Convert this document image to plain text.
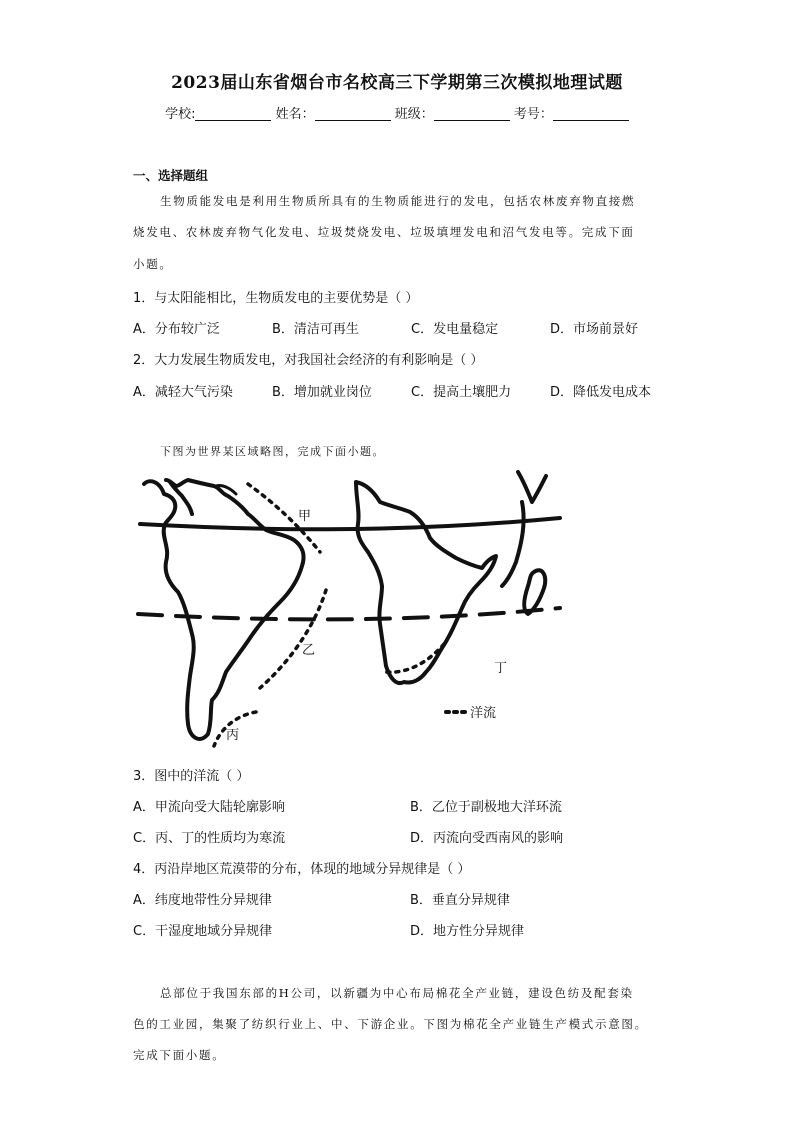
2023届山东省烟台市名校高三下学期第三次模拟地理试题
学校:	姓名：	班级：	考号：
一、选择题组
生物质能发电是利用生物质所具有的生物质能进行的发电，包括农林废弃物直接燃
烧发电、农林废弃物气化发电、垃圾焚烧发电、垃圾填埋发电和沼气发电等。完成下面
小题。
1．与太阳能相比，生物质发电的主要优势是（ ）
A．分布较广泛	B．清洁可再生	C．发电量稳定	D．市场前景好
2．大力发展生物质发电，对我国社会经济的有利影响是（ ）
A．减轻大气污染	B．增加就业岗位	C．提高土壤肥力	D．降低发电成本
下图为世界某区域略图，完成下面小题。
甲
乙
丙
丁
洋流
3．图中的洋流（ ）
A．甲流向受大陆轮廓影响	B．乙位于副极地大洋环流
C．丙、丁的性质均为寒流	D．丙流向受西南风的影响
4．丙沿岸地区荒漠带的分布，体现的地域分异规律是（ ）
A．纬度地带性分异规律	B．垂直分异规律
C．干湿度地域分异规律	D．地方性分异规律
总部位于我国东部的H公司，以新疆为中心布局棉花全产业链，建设色纺及配套染
色的工业园，集聚了纺织行业上、中、下游企业。下图为棉花全产业链生产模式示意图。
完成下面小题。
